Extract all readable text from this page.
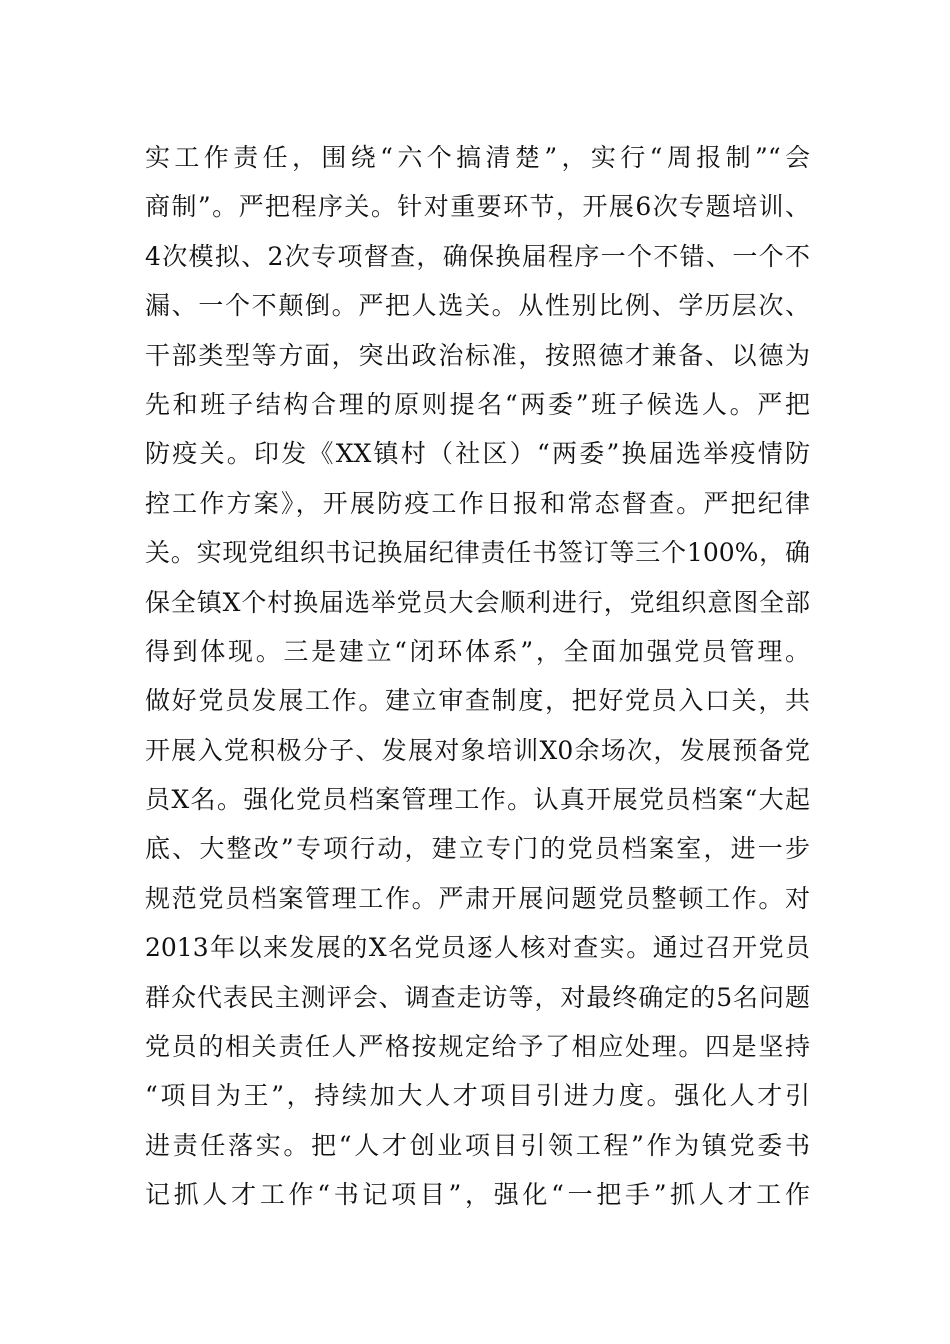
实工作责任，围绕“六个搞清楚”，实行“周报制”“会
商制”。严把程序关。针对重要环节，开展6次专题培训、
4次模拟、2次专项督查，确保换届程序一个不错、一个不
漏、一个不颠倒。严把人选关。从性别比例、学历层次、
干部类型等方面，突出政治标准，按照德才兼备、以德为
先和班子结构合理的原则提名“两委”班子候选人。严把
防疫关。印发《XX镇村（社区）“两委”换届选举疫情防
控工作方案》，开展防疫工作日报和常态督查。严把纪律
关。实现党组织书记换届纪律责任书签订等三个100%，确
保全镇X个村换届选举党员大会顺利进行，党组织意图全部
得到体现。三是建立“闭环体系”，全面加强党员管理。
做好党员发展工作。建立审查制度，把好党员入口关，共
开展入党积极分子、发展对象培训X0余场次，发展预备党
员X名。强化党员档案管理工作。认真开展党员档案“大起
底、大整改”专项行动，建立专门的党员档案室，进一步
规范党员档案管理工作。严肃开展问题党员整顿工作。对
2013年以来发展的X名党员逐人核对查实。通过召开党员
群众代表民主测评会、调查走访等，对最终确定的5名问题
党员的相关责任人严格按规定给予了相应处理。四是坚持
“项目为王”，持续加大人才项目引进力度。强化人才引
进责任落实。把“人才创业项目引领工程”作为镇党委书
记抓人才工作“书记项目”，强化“一把手”抓人才工作
